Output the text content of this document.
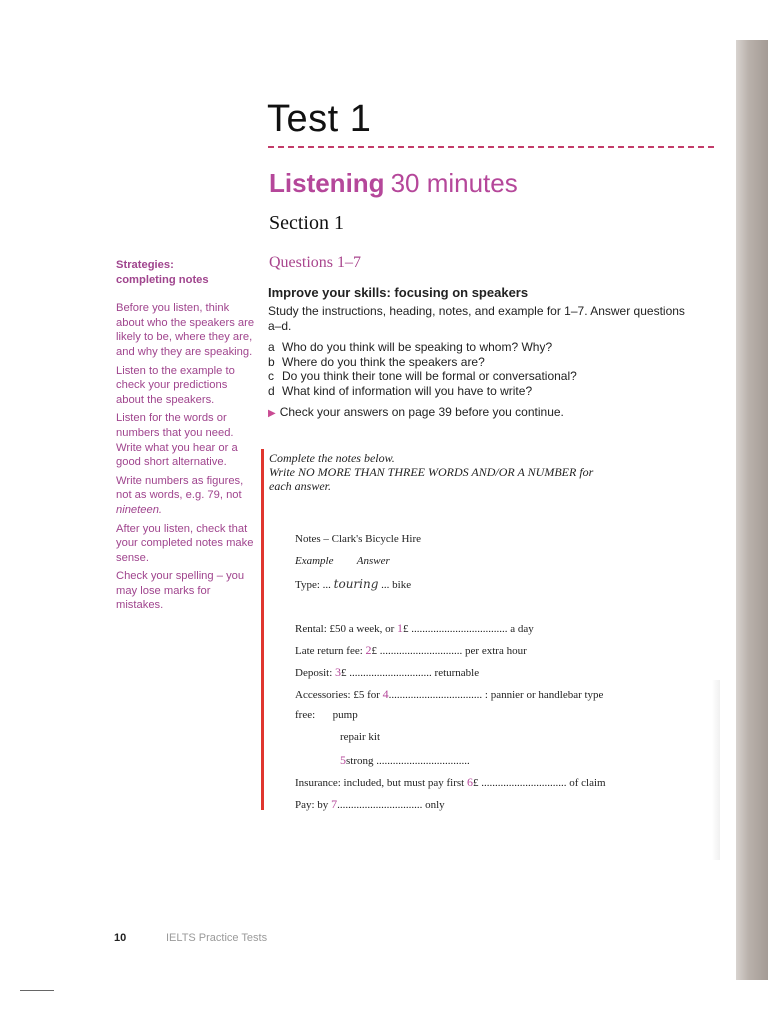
Test 1
Listening 30 minutes
Section 1
Questions 1–7
Strategies:
completing notes

Before you listen, think about who the speakers are likely to be, where they are, and why they are speaking.

Listen to the example to check your predictions about the speakers.

Listen for the words or numbers that you need. Write what you hear or a good short alternative.

Write numbers as figures, not as words, e.g. 79, not nineteen.

After you listen, check that your completed notes make sense.

Check your spelling – you may lose marks for mistakes.

Improve your skills: focusing on speakers
Study the instructions, heading, notes, and example for 1–7. Answer questions a–d.
a Who do you think will be speaking to whom? Why?
b Where do you think the speakers are?
c Do you think their tone will be formal or conversational?
d What kind of information will you have to write?
▶ Check your answers on page 39 before you continue.
Complete the notes below.
Write NO MORE THAN THREE WORDS AND/OR A NUMBER for
each answer.
Notes – Clark's Bicycle Hire
Example Answer
Type: ... touring ... bike
Rental: £50 a week, or 1£ ................................... a day
Late return fee: 2£ .............................. per extra hour
Deposit: 3£ .............................. returnable
Accessories: £5 for 4.................................. : pannier or handlebar type
free: pump
repair kit
5strong ..................................
Insurance: included, but must pay first 6£ ............................... of claim
Pay: by 7............................... only
10	IELTS Practice Tests
